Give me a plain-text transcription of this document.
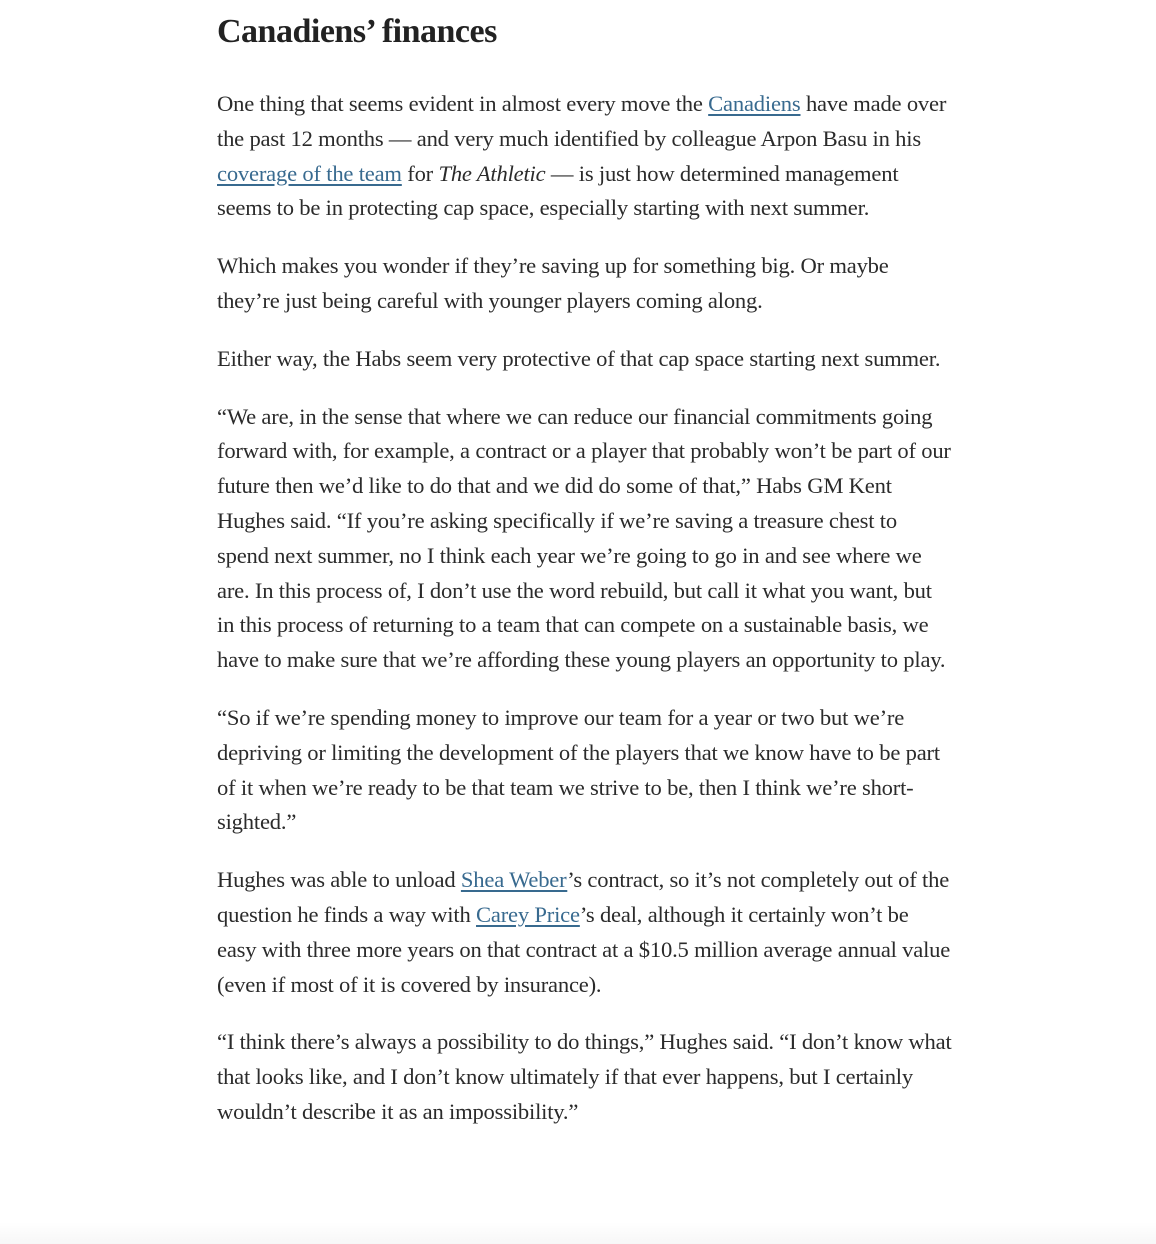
Canadiens’ finances

One thing that seems evident in almost every move the Canadiens have made over the past 12 months — and very much identified by colleague Arpon Basu in his coverage of the team for The Athletic — is just how determined management seems to be in protecting cap space, especially starting with next summer.

Which makes you wonder if they’re saving up for something big. Or maybe they’re just being careful with younger players coming along.

Either way, the Habs seem very protective of that cap space starting next summer.

“We are, in the sense that where we can reduce our financial commitments going forward with, for example, a contract or a player that probably won’t be part of our future then we’d like to do that and we did do some of that,” Habs GM Kent Hughes said. “If you’re asking specifically if we’re saving a treasure chest to spend next summer, no I think each year we’re going to go in and see where we are. In this process of, I don’t use the word rebuild, but call it what you want, but in this process of returning to a team that can compete on a sustainable basis, we have to make sure that we’re affording these young players an opportunity to play.

“So if we’re spending money to improve our team for a year or two but we’re depriving or limiting the development of the players that we know have to be part of it when we’re ready to be that team we strive to be, then I think we’re short-sighted.”

Hughes was able to unload Shea Weber’s contract, so it’s not completely out of the question he finds a way with Carey Price’s deal, although it certainly won’t be easy with three more years on that contract at a $10.5 million average annual value (even if most of it is covered by insurance).

“I think there’s always a possibility to do things,” Hughes said. “I don’t know what that looks like, and I don’t know ultimately if that ever happens, but I certainly wouldn’t describe it as an impossibility.”
